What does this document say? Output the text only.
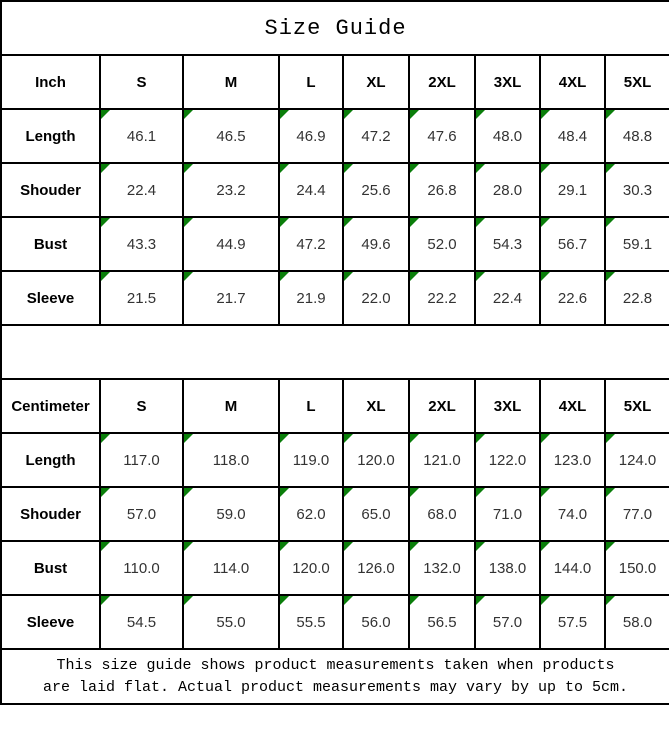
Size Guide								
Inch	S	M	L	XL	2XL	3XL	4XL	5XL
Length	46.1	46.5	46.9	47.2	47.6	48.0	48.4	48.8
Shouder	22.4	23.2	24.4	25.6	26.8	28.0	29.1	30.3
Bust	43.3	44.9	47.2	49.6	52.0	54.3	56.7	59.1
Sleeve	21.5	21.7	21.9	22.0	22.2	22.4	22.6	22.8

Centimeter	S	M	L	XL	2XL	3XL	4XL	5XL
Length	117.0	118.0	119.0	120.0	121.0	122.0	123.0	124.0
Shouder	57.0	59.0	62.0	65.0	68.0	71.0	74.0	77.0
Bust	110.0	114.0	120.0	126.0	132.0	138.0	144.0	150.0
Sleeve	54.5	55.0	55.5	56.0	56.5	57.0	57.5	58.0

This size guide shows product measurements taken when products
are laid flat. Actual product measurements may vary by up to 5cm.								
